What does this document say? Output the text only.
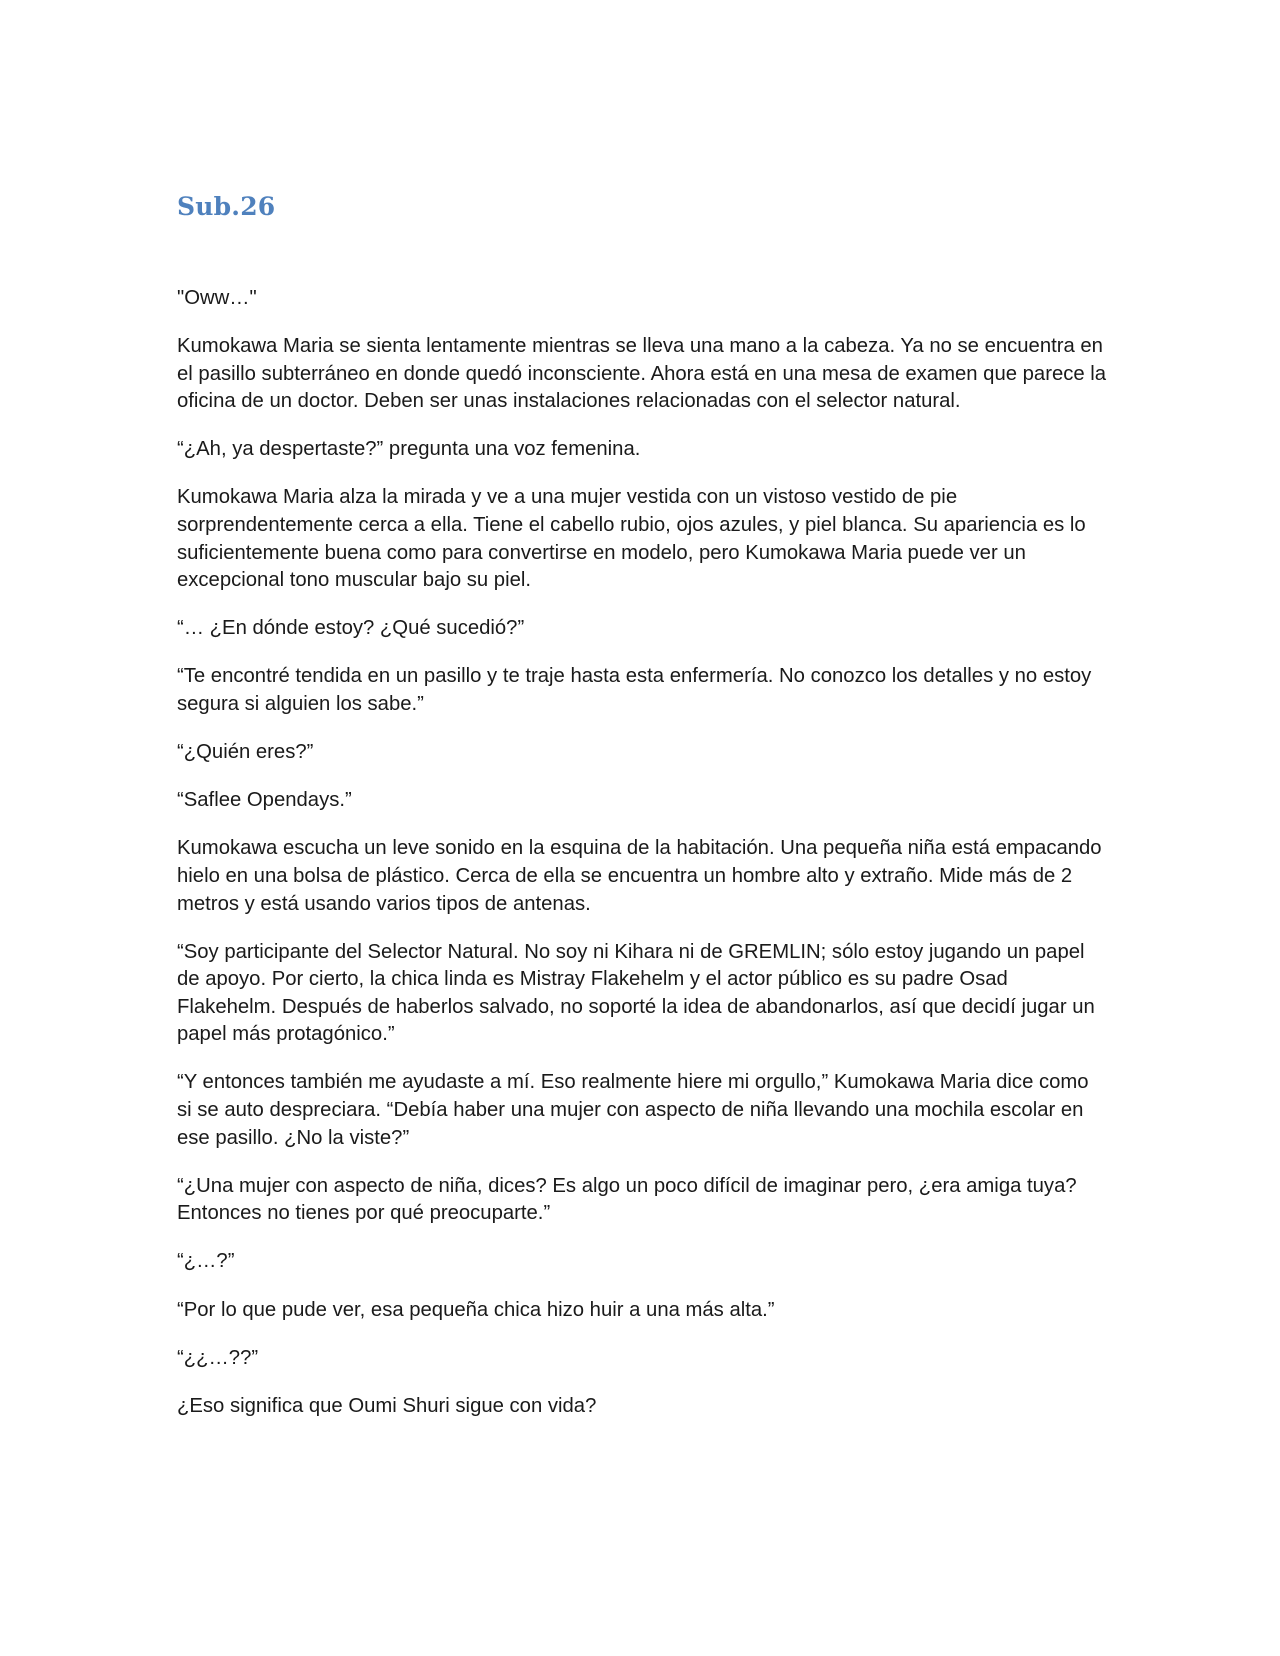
Sub.26

"Oww…"

Kumokawa Maria se sienta lentamente mientras se lleva una mano a la cabeza. Ya no se encuentra en el pasillo subterráneo en donde quedó inconsciente. Ahora está en una mesa de examen que parece la oficina de un doctor. Deben ser unas instalaciones relacionadas con el selector natural.

“¿Ah, ya despertaste?” pregunta una voz femenina.

Kumokawa Maria alza la mirada y ve a una mujer vestida con un vistoso vestido de pie sorprendentemente cerca a ella. Tiene el cabello rubio, ojos azules, y piel blanca. Su apariencia es lo suficientemente buena como para convertirse en modelo, pero Kumokawa Maria puede ver un excepcional tono muscular bajo su piel.

“… ¿En dónde estoy? ¿Qué sucedió?”

“Te encontré tendida en un pasillo y te traje hasta esta enfermería. No conozco los detalles y no estoy segura si alguien los sabe.”

“¿Quién eres?”

“Saflee Opendays.”

Kumokawa escucha un leve sonido en la esquina de la habitación. Una pequeña niña está empacando hielo en una bolsa de plástico. Cerca de ella se encuentra un hombre alto y extraño. Mide más de 2 metros y está usando varios tipos de antenas.

“Soy participante del Selector Natural. No soy ni Kihara ni de GREMLIN; sólo estoy jugando un papel de apoyo. Por cierto, la chica linda es Mistray Flakehelm y el actor público es su padre Osad Flakehelm. Después de haberlos salvado, no soporté la idea de abandonarlos, así que decidí jugar un papel más protagónico.”

“Y entonces también me ayudaste a mí. Eso realmente hiere mi orgullo,” Kumokawa Maria dice como si se auto despreciara. “Debía haber una mujer con aspecto de niña llevando una mochila escolar en ese pasillo. ¿No la viste?”

“¿Una mujer con aspecto de niña, dices? Es algo un poco difícil de imaginar pero, ¿era amiga tuya? Entonces no tienes por qué preocuparte.”

“¿…?”

“Por lo que pude ver, esa pequeña chica hizo huir a una más alta.”

“¿¿…??”

¿Eso significa que Oumi Shuri sigue con vida?
